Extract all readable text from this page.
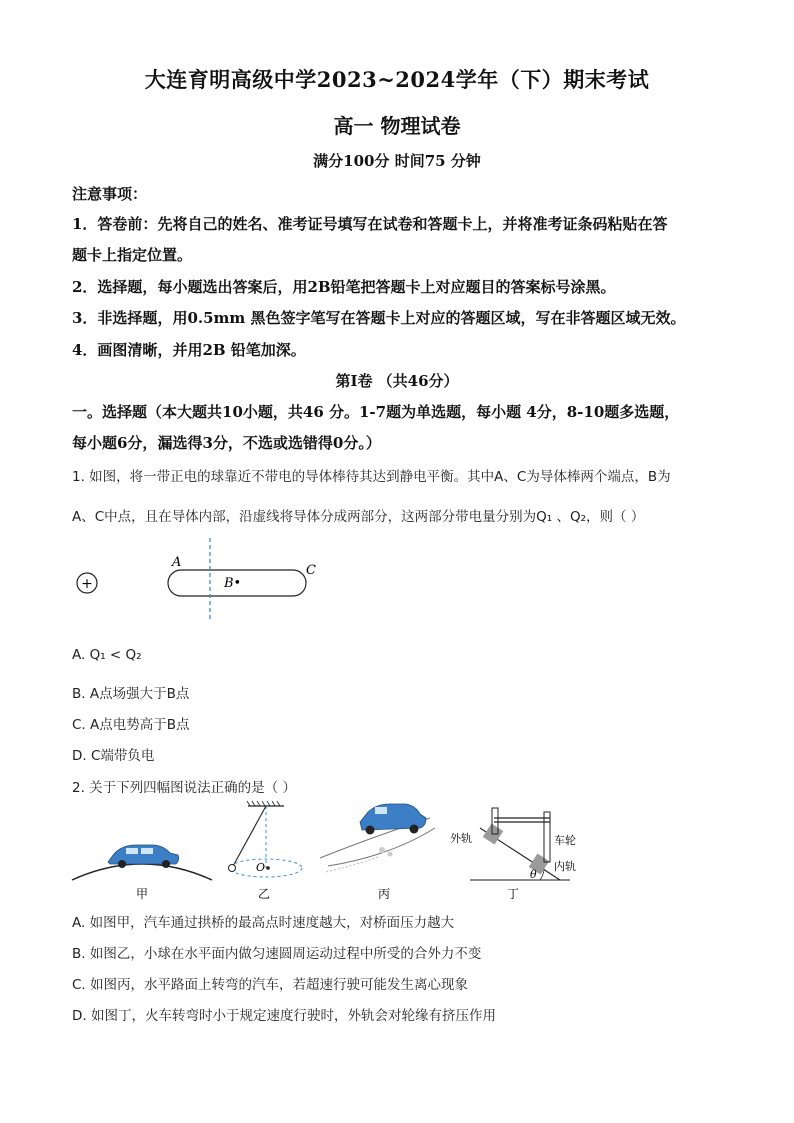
大连育明高级中学2023~2024学年（下）期末考试
高一 物理试卷
满分100分 时间75 分钟
注意事项：
1．答卷前：先将自己的姓名、准考证号填写在试卷和答题卡上，并将准考证条码粘贴在答
题卡上指定位置。
2．选择题，每小题选出答案后，用2B铅笔把答题卡上对应题目的答案标号涂黑。
3．非选择题，用0.5mm 黑色签字笔写在答题卡上对应的答题区域，写在非答题区域无效。
4．画图清晰，并用2B 铅笔加深。
第Ⅰ卷 （共46分）
一。选择题（本大题共10小题，共46 分。1-7题为单选题，每小题 4分，8-10题多选题，
每小题6分，漏选得3分，不选或选错得0分。）
1. 如图，将一带正电的球靠近不带电的导体棒待其达到静电平衡。其中A、C为导体棒两个端点，B为
A、C中点，且在导体内部，沿虚线将导体分成两部分，这两部分带电量分别为Q₁ 、Q₂，则（ ）
+
A
B•
C
A. Q₁ < Q₂
B. A点场强大于B点
C. A点电势高于B点
D. C端带负电
2. 关于下列四幅图说法正确的是（ ）
甲
O
乙	丙
外轨	车轮
内轨
θ
丁
A. 如图甲，汽车通过拱桥的最高点时速度越大，对桥面压力越大
B. 如图乙，小球在水平面内做匀速圆周运动过程中所受的合外力不变
C. 如图丙，水平路面上转弯的汽车，若超速行驶可能发生离心现象
D. 如图丁，火车转弯时小于规定速度行驶时，外轨会对轮缘有挤压作用
